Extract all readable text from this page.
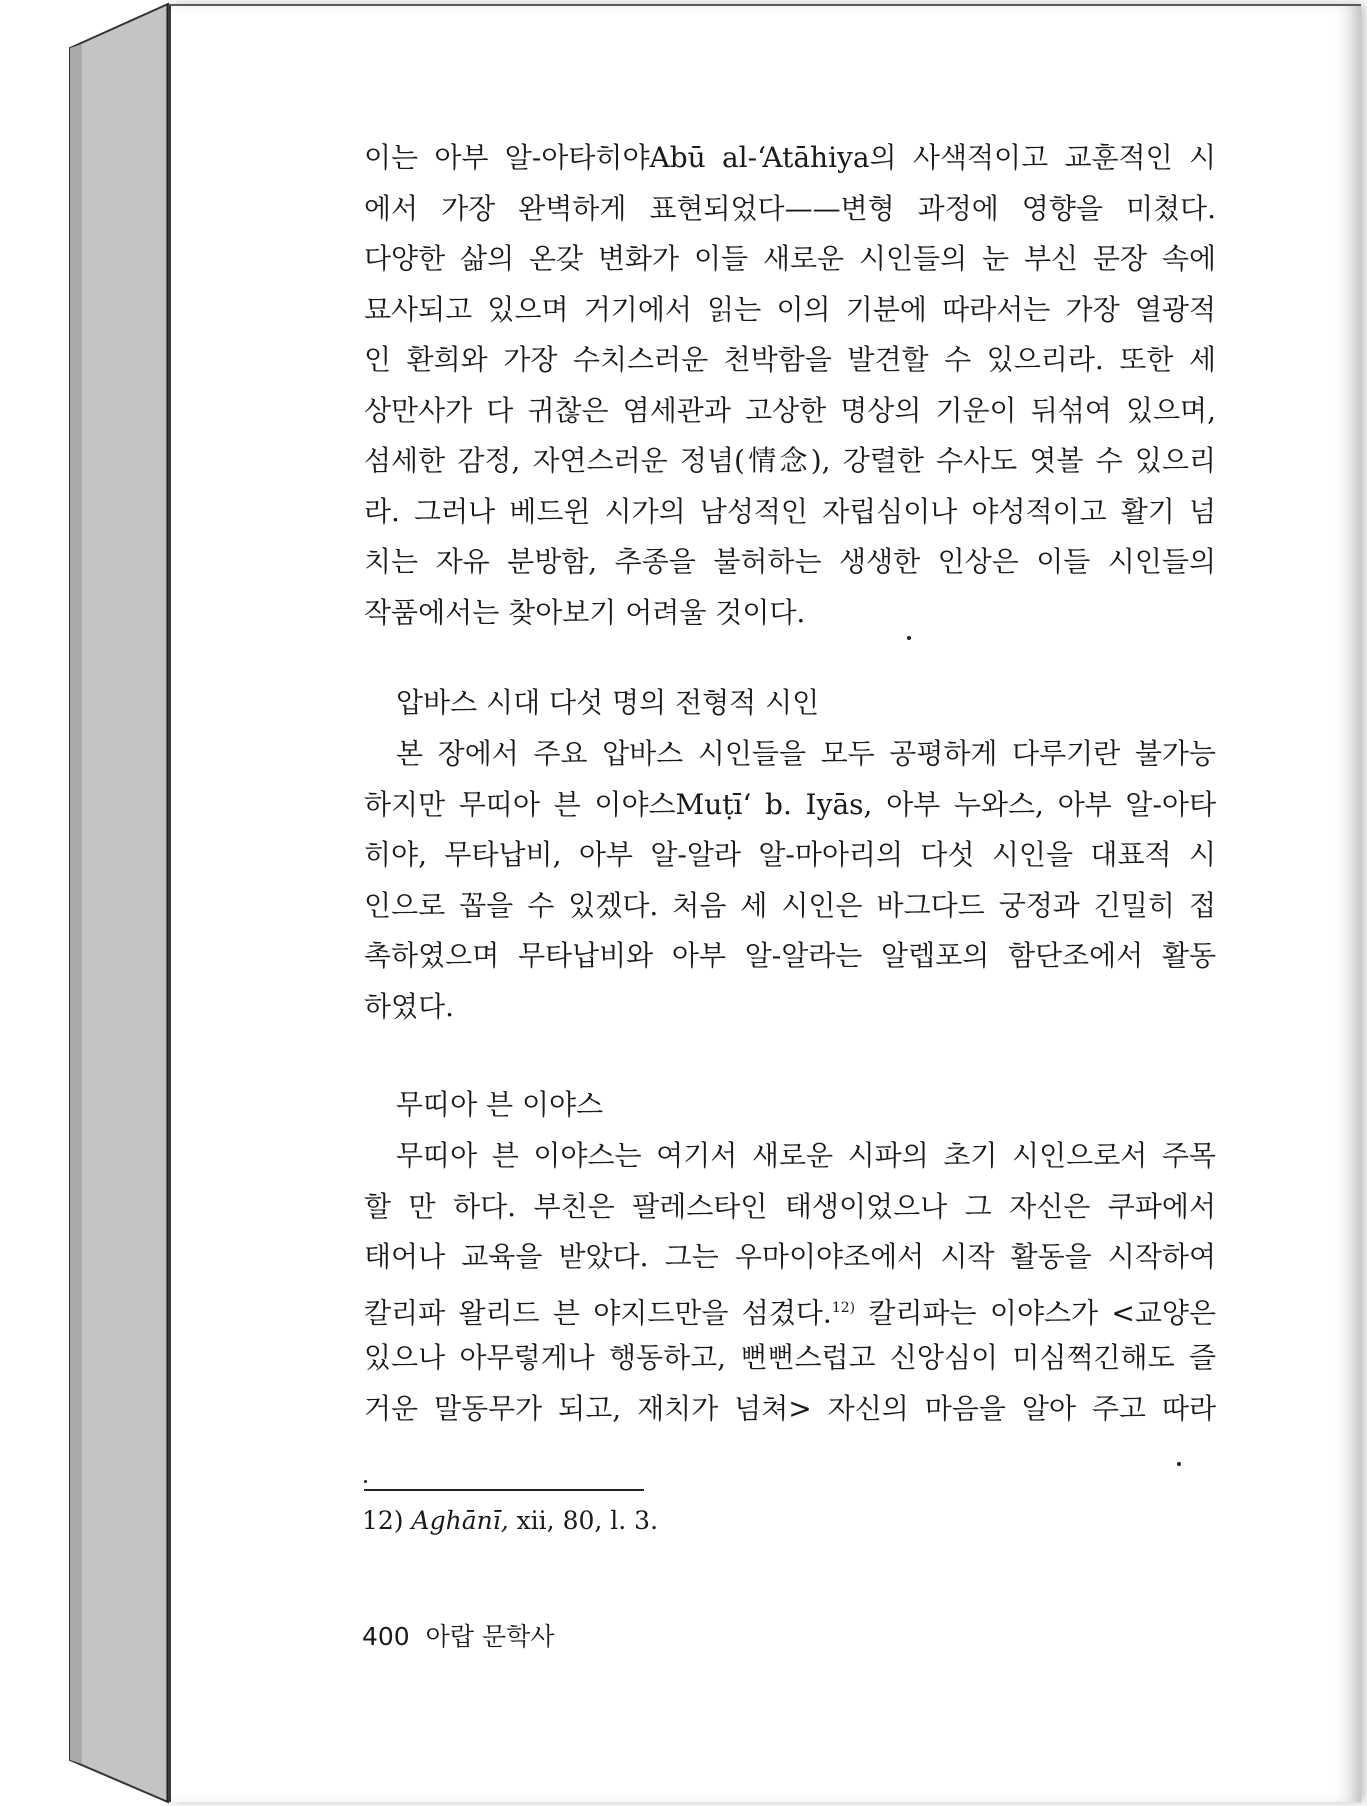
이는 아부 알-아타히야Abū al-‘Atāhiya의 사색적이고 교훈적인 시
에서 가장 완벽하게 표현되었다——변형 과정에 영향을 미쳤다.
다양한 삶의 온갖 변화가 이들 새로운 시인들의 눈 부신 문장 속에
묘사되고 있으며 거기에서 읽는 이의 기분에 따라서는 가장 열광적
인 환희와 가장 수치스러운 천박함을 발견할 수 있으리라. 또한 세
상만사가 다 귀찮은 염세관과 고상한 명상의 기운이 뒤섞여 있으며,
섬세한 감정, 자연스러운 정념(情念), 강렬한 수사도 엿볼 수 있으리
라. 그러나 베드윈 시가의 남성적인 자립심이나 야성적이고 활기 넘
치는 자유 분방함, 추종을 불허하는 생생한 인상은 이들 시인들의
작품에서는 찾아보기 어려울 것이다.

압바스 시대 다섯 명의 전형적 시인

본 장에서 주요 압바스 시인들을 모두 공평하게 다루기란 불가능
하지만 무띠아 븐 이야스Muṭī‘ b. Iyās, 아부 누와스, 아부 알-아타
히야, 무타납비, 아부 알-알라 알-마아리의 다섯 시인을 대표적 시
인으로 꼽을 수 있겠다. 처음 세 시인은 바그다드 궁정과 긴밀히 접
촉하였으며 무타납비와 아부 알-알라는 알렙포의 함단조에서 활동
하였다.

무띠아 븐 이야스

무띠아 븐 이야스는 여기서 새로운 시파의 초기 시인으로서 주목
할 만 하다. 부친은 팔레스타인 태생이었으나 그 자신은 쿠파에서
태어나 교육을 받았다. 그는 우마이야조에서 시작 활동을 시작하여
칼리파 왈리드 븐 야지드만을 섬겼다.$^{12)}$ 칼리파는 이야스가 <교양은
있으나 아무렇게나 행동하고, 뻔뻔스럽고 신앙심이 미심쩍긴해도 즐
거운 말동무가 되고, 재치가 넘쳐> 자신의 마음을 알아 주고 따라

12) Aghānī, xii, 80, l. 3.
400 아랍 문학사
